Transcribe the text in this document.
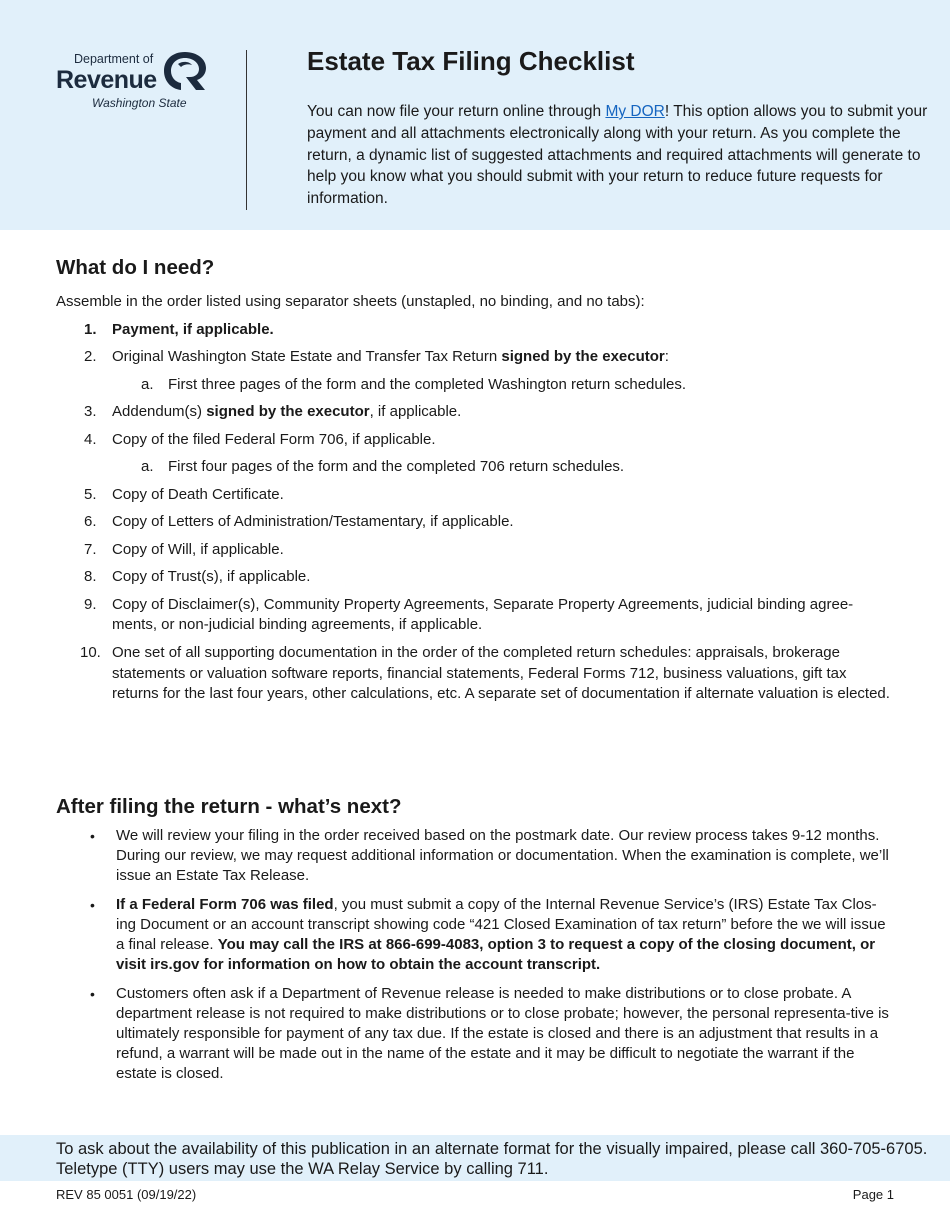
Department of
Revenue
Washington State
Estate Tax Filing Checklist

You can now file your return online through My DOR! This option allows you to submit your payment and all attachments electronically along with your return. As you complete the return, a dynamic list of suggested attachments and required attachments will generate to help you know what you should submit with your return to reduce future requests for information.

What do I need?

Assemble in the order listed using separator sheets (unstapled, no binding, and no tabs):

1.	Payment, if applicable.
2.	Original Washington State Estate and Transfer Tax Return signed by the executor:
a. First three pages of the form and the completed Washington return schedules.
3.	Addendum(s) signed by the executor, if applicable.
4.	Copy of the filed Federal Form 706, if applicable.
a. First four pages of the form and the completed 706 return schedules.
5.	Copy of Death Certificate.
6.	Copy of Letters of Administration/Testamentary, if applicable.
7.	Copy of Will, if applicable.
8.	Copy of Trust(s), if applicable.
9.	Copy of Disclaimer(s), Community Property Agreements, Separate Property Agreements, judicial binding agree-ments, or non-judicial binding agreements, if applicable.
10. One set of all supporting documentation in the order of the completed return schedules: appraisals, brokerage statements or valuation software reports, financial statements, Federal Forms 712, business valuations, gift tax returns for the last four years, other calculations, etc. A separate set of documentation if alternate valuation is elected.
After filing the return - what’s next?
• We will review your filing in the order received based on the postmark date. Our review process takes 9-12 months. During our review, we may request additional information or documentation. When the examination is complete, we’ll issue an Estate Tax Release.
• If a Federal Form 706 was filed, you must submit a copy of the Internal Revenue Service’s (IRS) Estate Tax Clos-ing Document or an account transcript showing code “421 Closed Examination of tax return” before the we will issue a final release. You may call the IRS at 866-699-4083, option 3 to request a copy of the closing document, or visit irs.gov for information on how to obtain the account transcript.
• Customers often ask if a Department of Revenue release is needed to make distributions or to close probate. A department release is not required to make distributions or to close probate; however, the personal representa-tive is ultimately responsible for payment of any tax due. If the estate is closed and there is an adjustment that results in a refund, a warrant will be made out in the name of the estate and it may be difficult to negotiate the warrant if the estate is closed.

To ask about the availability of this publication in an alternate format for the visually impaired, please call 360-705-6705. Teletype (TTY) users may use the WA Relay Service by calling 711.

REV 85 0051 (09/19/22)	Page 1
